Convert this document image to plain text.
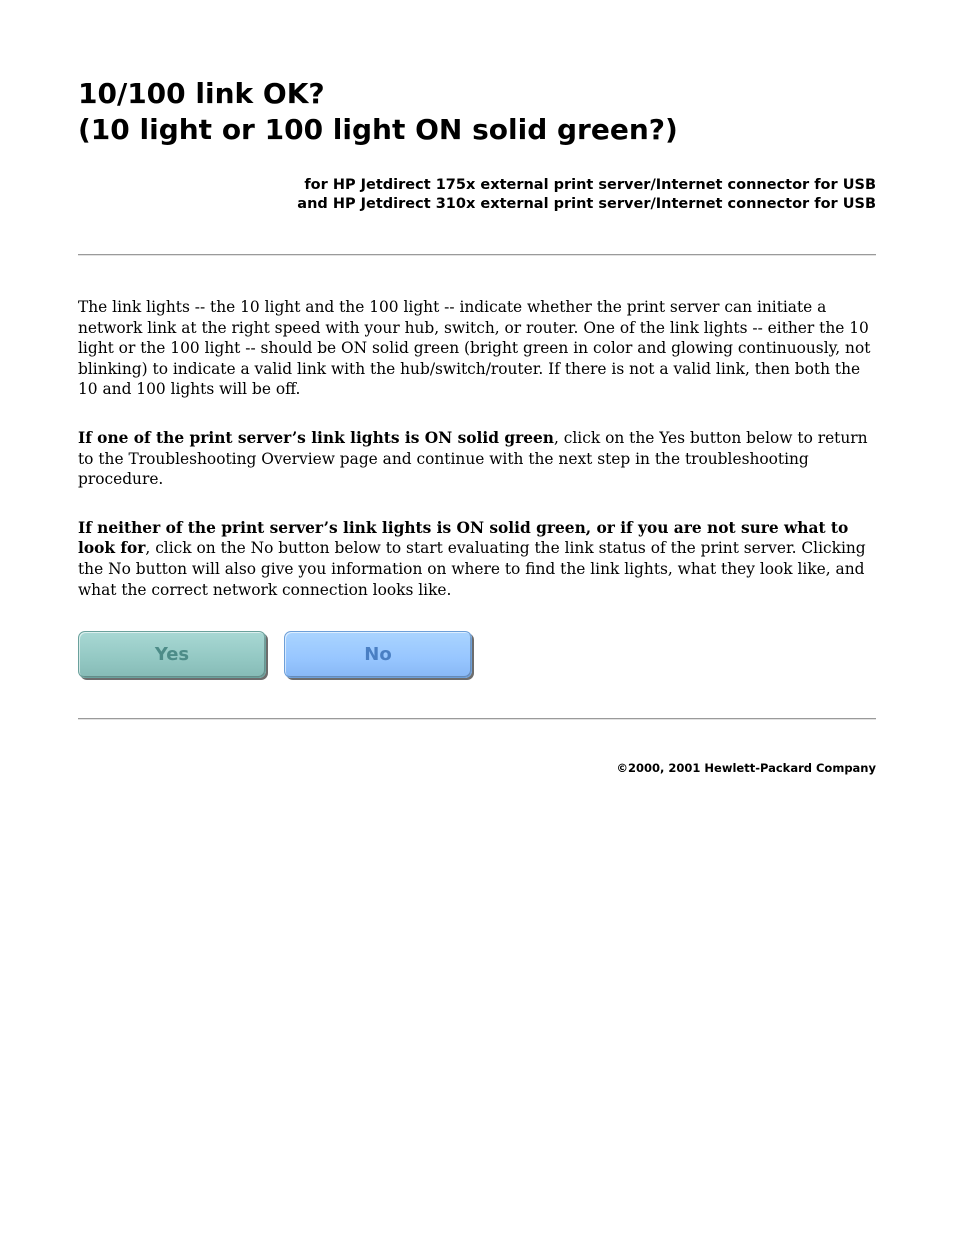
10/100 link OK?
(10 light or 100 light ON solid green?)
for HP Jetdirect 175x external print server/Internet connector for USB
and HP Jetdirect 310x external print server/Internet connector for USB

The link lights -- the 10 light and the 100 light -- indicate whether the print server can initiate a network link at the right speed with your hub, switch, or router. One of the link lights -- either the 10 light or the 100 light -- should be ON solid green (bright green in color and glowing continuously, not blinking) to indicate a valid link with the hub/switch/router. If there is not a valid link, then both the 10 and 100 lights will be off.

If one of the print server’s link lights is ON solid green, click on the Yes button below to return to the Troubleshooting Overview page and continue with the next step in the troubleshooting procedure.

If neither of the print server’s link lights is ON solid green, or if you are not sure what to look for, click on the No button below to start evaluating the link status of the print server. Clicking the No button will also give you information on where to find the link lights, what they look like, and what the correct network connection looks like.

Yes	No
©2000, 2001 Hewlett-Packard Company
